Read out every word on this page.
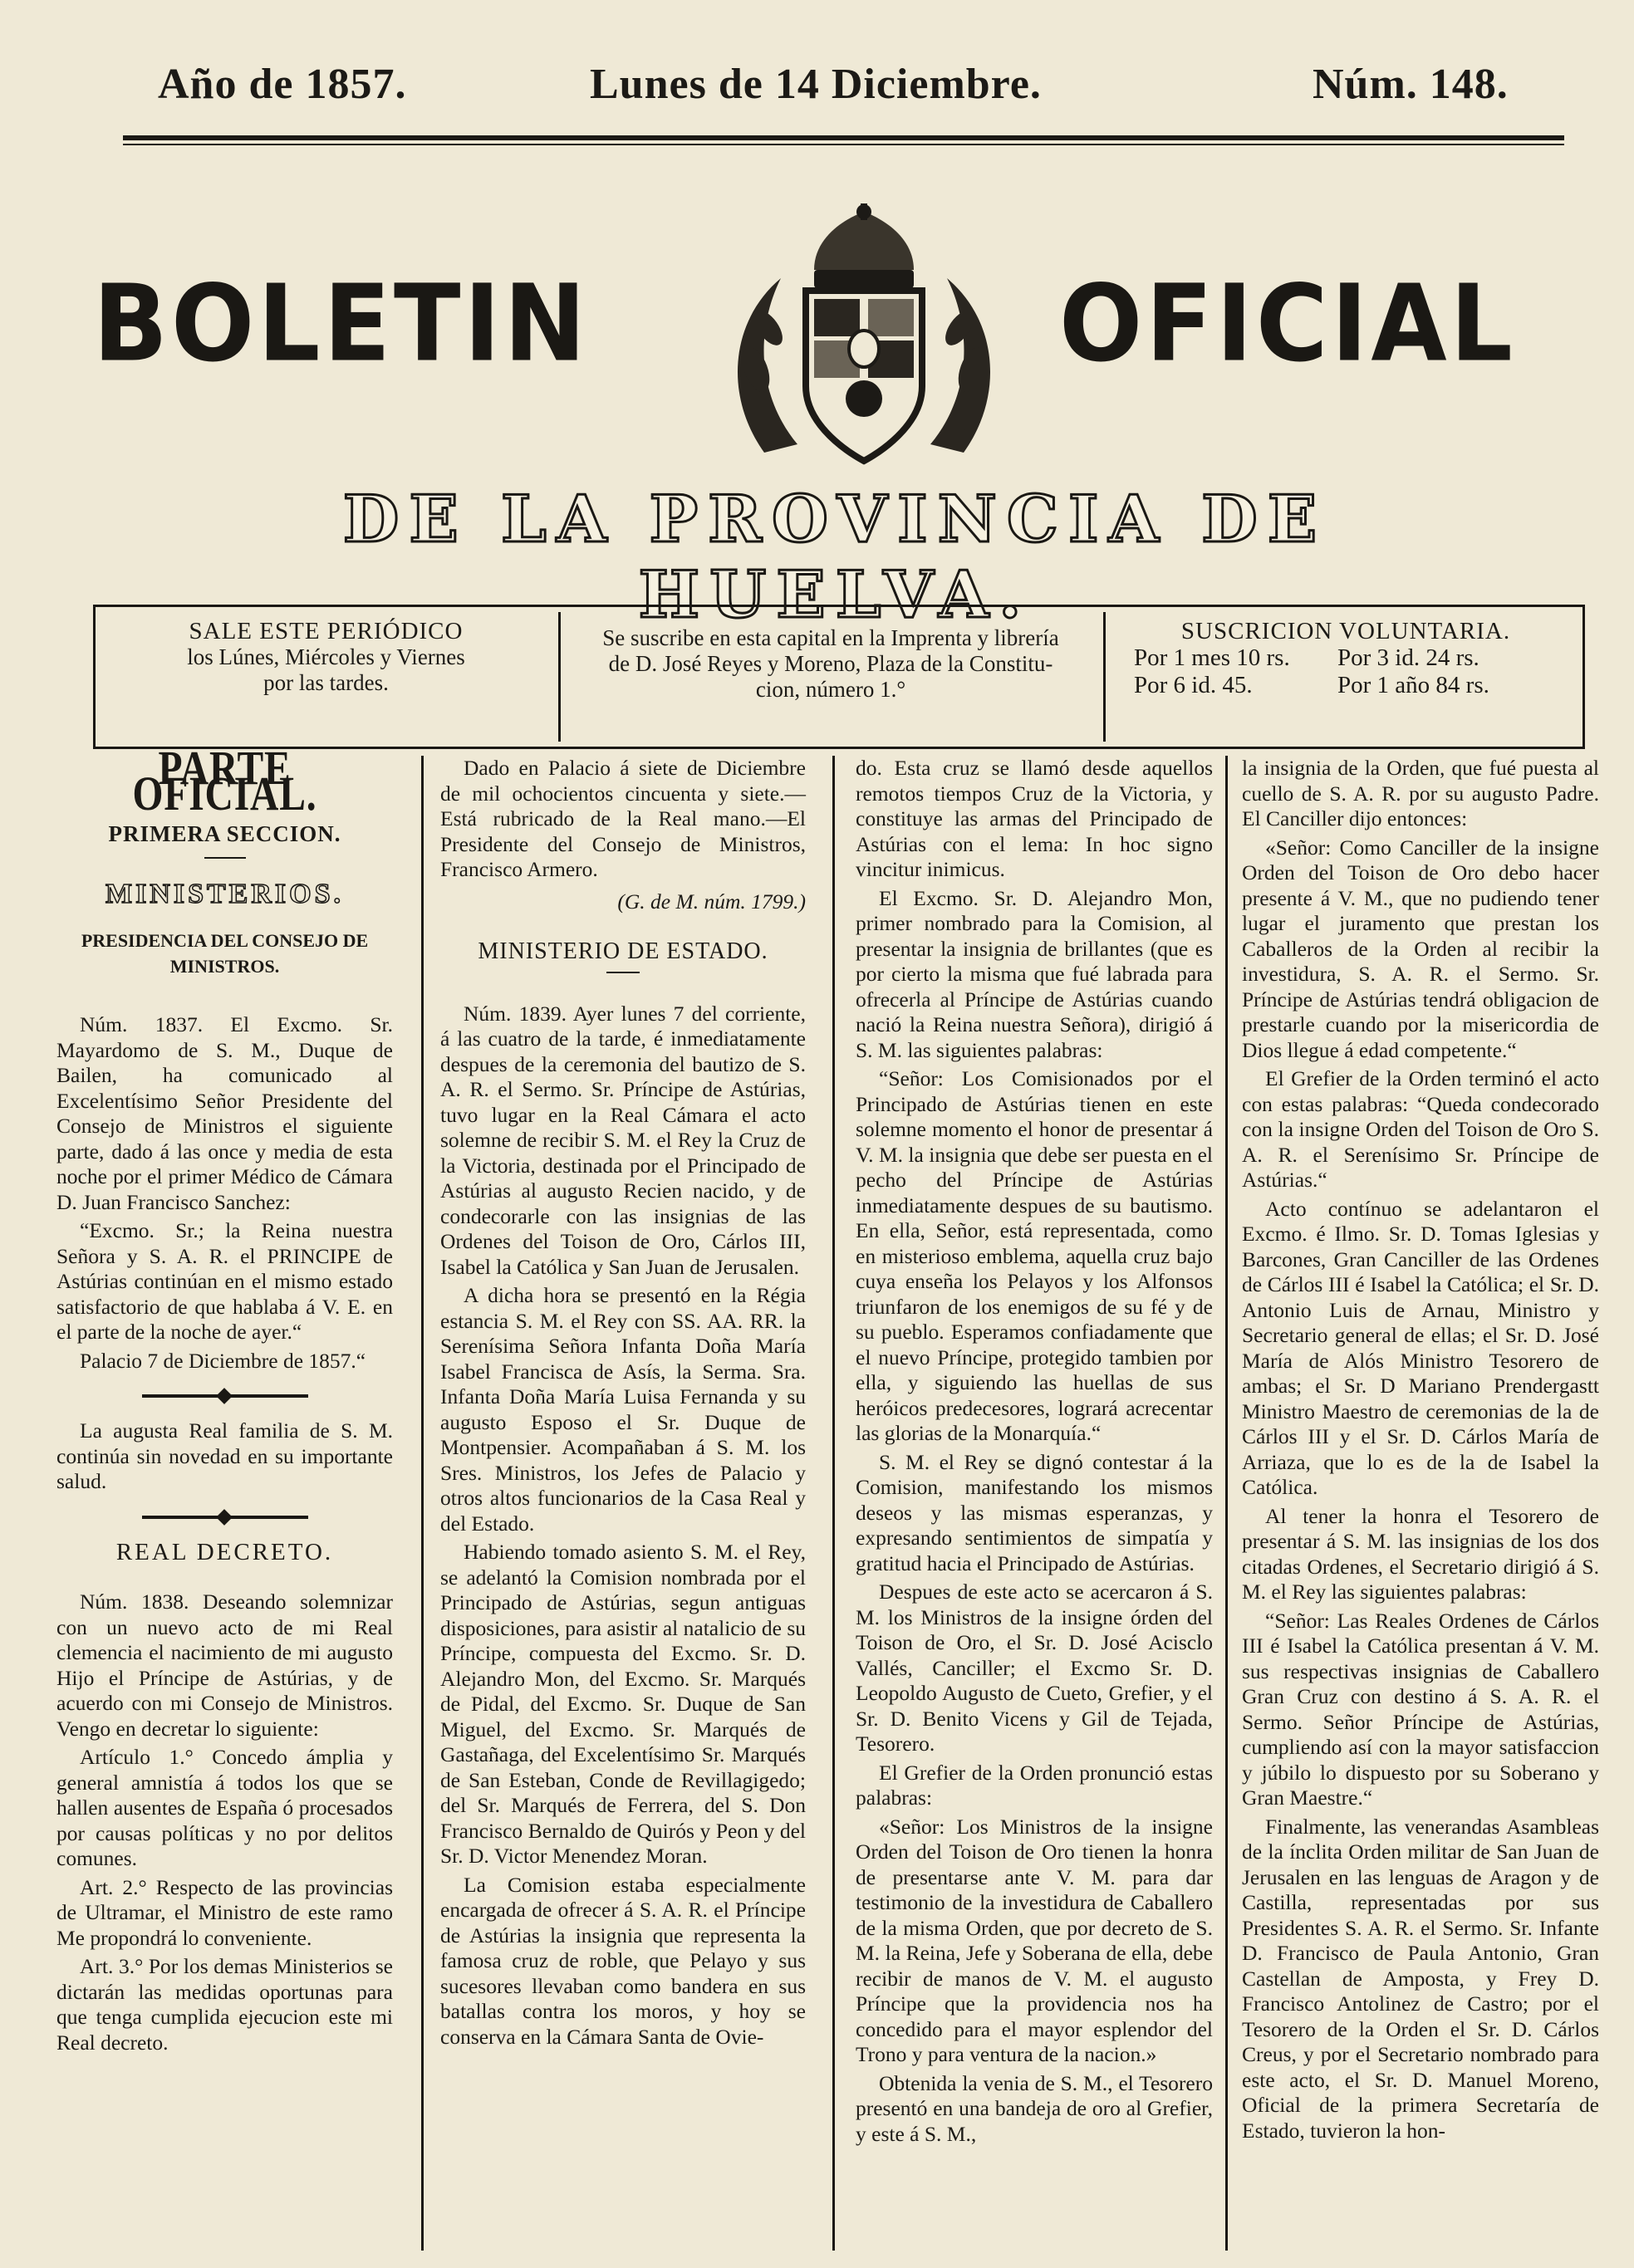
Año de 1857.	Lunes de 14 Diciembre.	Núm. 148.
BOLETIN	OFICIAL
DE LA PROVINCIA DE HUELVA.
SALE ESTE PERIÓDICO
los Lúnes, Miércoles y Viernes
por las tardes.
Se suscribe en esta capital en la Imprenta y librería
de D. José Reyes y Moreno, Plaza de la Constitu-
cion, número 1.°
SUSCRICION VOLUNTARIA.
Por 1 mes 10 rs.	Por 3 id. 24 rs.
Por 6 id. 45.	Por 1 año 84 rs.
PARTE OFICIAL.
PRIMERA SECCION.
MINISTERIOS.
PRESIDENCIA DEL CONSEJO DE MINISTROS.

Núm. 1837. El Excmo. Sr. Mayardomo de S. M., Duque de Bailen, ha comunicado al Excelentísimo Señor Presidente del Consejo de Ministros el siguiente parte, dado á las once y media de esta noche por el primer Médico de Cámara D. Juan Francisco Sanchez:

“Excmo. Sr.; la Reina nuestra Señora y S. A. R. el PRINCIPE de Astúrias continúan en el mismo estado satisfactorio de que hablaba á V. E. en el parte de la noche de ayer.“

Palacio 7 de Diciembre de 1857.“

La augusta Real familia de S. M. continúa sin novedad en su importante salud.

REAL DECRETO.

Núm. 1838. Deseando solemnizar con un nuevo acto de mi Real clemencia el nacimiento de mi augusto Hijo el Príncipe de Astúrias, y de acuerdo con mi Consejo de Ministros. Vengo en decretar lo siguiente:

Artículo 1.° Concedo ámplia y general amnistía á todos los que se hallen ausentes de España ó procesados por causas políticas y no por delitos comunes.

Art. 2.° Respecto de las provincias de Ultramar, el Ministro de este ramo Me propondrá lo conveniente.

Art. 3.° Por los demas Ministerios se dictarán las medidas oportunas para que tenga cumplida ejecucion este mi Real decreto.

Dado en Palacio á siete de Diciembre de mil ochocientos cincuenta y siete.—Está rubricado de la Real mano.—El Presidente del Consejo de Ministros, Francisco Armero.

(G. de M. núm. 1799.)
MINISTERIO DE ESTADO.

Núm. 1839. Ayer lunes 7 del corriente, á las cuatro de la tarde, é inmediatamente despues de la ceremonia del bautizo de S. A. R. el Sermo. Sr. Príncipe de Astúrias, tuvo lugar en la Real Cámara el acto solemne de recibir S. M. el Rey la Cruz de la Victoria, destinada por el Principado de Astúrias al augusto Recien nacido, y de condecorarle con las insignias de las Ordenes del Toison de Oro, Cárlos III, Isabel la Católica y San Juan de Jerusalen.

A dicha hora se presentó en la Régia estancia S. M. el Rey con SS. AA. RR. la Serenísima Señora Infanta Doña María Isabel Francisca de Asís, la Serma. Sra. Infanta Doña María Luisa Fernanda y su augusto Esposo el Sr. Duque de Montpensier. Acompañaban á S. M. los Sres. Ministros, los Jefes de Palacio y otros altos funcionarios de la Casa Real y del Estado.

Habiendo tomado asiento S. M. el Rey, se adelantó la Comision nombrada por el Principado de Astúrias, segun antiguas disposiciones, para asistir al natalicio de su Príncipe, compuesta del Excmo. Sr. D. Alejandro Mon, del Excmo. Sr. Marqués de Pidal, del Excmo. Sr. Duque de San Miguel, del Excmo. Sr. Marqués de Gastañaga, del Excelentísimo Sr. Marqués de San Esteban, Conde de Revillagigedo; del Sr. Marqués de Ferrera, del S. Don Francisco Bernaldo de Quirós y Peon y del Sr. D. Victor Menendez Moran.

La Comision estaba especialmente encargada de ofrecer á S. A. R. el Príncipe de Astúrias la insignia que representa la famosa cruz de roble, que Pelayo y sus sucesores llevaban como bandera en sus batallas contra los moros, y hoy se conserva en la Cámara Santa de Ovie-

do. Esta cruz se llamó desde aquellos remotos tiempos Cruz de la Victoria, y constituye las armas del Principado de Astúrias con el lema: In hoc signo vincitur inimicus.

El Excmo. Sr. D. Alejandro Mon, primer nombrado para la Comision, al presentar la insignia de brillantes (que es por cierto la misma que fué labrada para ofrecerla al Príncipe de Astúrias cuando nació la Reina nuestra Señora), dirigió á S. M. las siguientes palabras:

“Señor: Los Comisionados por el Principado de Astúrias tienen en este solemne momento el honor de presentar á V. M. la insignia que debe ser puesta en el pecho del Príncipe de Astúrias inmediatamente despues de su bautismo. En ella, Señor, está representada, como en misterioso emblema, aquella cruz bajo cuya enseña los Pelayos y los Alfonsos triunfaron de los enemigos de su fé y de su pueblo. Esperamos confiadamente que el nuevo Príncipe, protegido tambien por ella, y siguiendo las huellas de sus heróicos predecesores, logrará acrecentar las glorias de la Monarquía.“

S. M. el Rey se dignó contestar á la Comision, manifestando los mismos deseos y las mismas esperanzas, y expresando sentimientos de simpatía y gratitud hacia el Principado de Astúrias.

Despues de este acto se acercaron á S. M. los Ministros de la insigne órden del Toison de Oro, el Sr. D. José Acisclo Vallés, Canciller; el Excmo Sr. D. Leopoldo Augusto de Cueto, Grefier, y el Sr. D. Benito Vicens y Gil de Tejada, Tesorero.

El Grefier de la Orden pronunció estas palabras:

«Señor: Los Ministros de la insigne Orden del Toison de Oro tienen la honra de presentarse ante V. M. para dar testimonio de la investidura de Caballero de la misma Orden, que por decreto de S. M. la Reina, Jefe y Soberana de ella, debe recibir de manos de V. M. el augusto Príncipe que la providencia nos ha concedido para el mayor esplendor del Trono y para ventura de la nacion.»

Obtenida la venia de S. M., el Tesorero presentó en una bandeja de oro al Grefier, y este á S. M.,

la insignia de la Orden, que fué puesta al cuello de S. A. R. por su augusto Padre. El Canciller dijo entonces:

«Señor: Como Canciller de la insigne Orden del Toison de Oro debo hacer presente á V. M., que no pudiendo tener lugar el juramento que prestan los Caballeros de la Orden al recibir la investidura, S. A. R. el Sermo. Sr. Príncipe de Astúrias tendrá obligacion de prestarle cuando por la misericordia de Dios llegue á edad competente.“

El Grefier de la Orden terminó el acto con estas palabras: “Queda condecorado con la insigne Orden del Toison de Oro S. A. R. el Serenísimo Sr. Príncipe de Astúrias.“

Acto contínuo se adelantaron el Excmo. é Ilmo. Sr. D. Tomas Iglesias y Barcones, Gran Canciller de las Ordenes de Cárlos III é Isabel la Católica; el Sr. D. Antonio Luis de Arnau, Ministro y Secretario general de ellas; el Sr. D. José María de Alós Ministro Tesorero de ambas; el Sr. D Mariano Prendergastt Ministro Maestro de ceremonias de la de Cárlos III y el Sr. D. Cárlos María de Arriaza, que lo es de la de Isabel la Católica.

Al tener la honra el Tesorero de presentar á S. M. las insignias de los dos citadas Ordenes, el Secretario dirigió á S. M. el Rey las siguientes palabras:

“Señor: Las Reales Ordenes de Cárlos III é Isabel la Católica presentan á V. M. sus respectivas insignias de Caballero Gran Cruz con destino á S. A. R. el Sermo. Señor Príncipe de Astúrias, cumpliendo así con la mayor satisfaccion y júbilo lo dispuesto por su Soberano y Gran Maestre.“

Finalmente, las venerandas Asambleas de la ínclita Orden militar de San Juan de Jerusalen en las lenguas de Aragon y de Castilla, representadas por sus Presidentes S. A. R. el Sermo. Sr. Infante D. Francisco de Paula Antonio, Gran Castellan de Amposta, y Frey D. Francisco Antolinez de Castro; por el Tesorero de la Orden el Sr. D. Cárlos Creus, y por el Secretario nombrado para este acto, el Sr. D. Manuel Moreno, Oficial de la primera Secretaría de Estado, tuvieron la hon-
